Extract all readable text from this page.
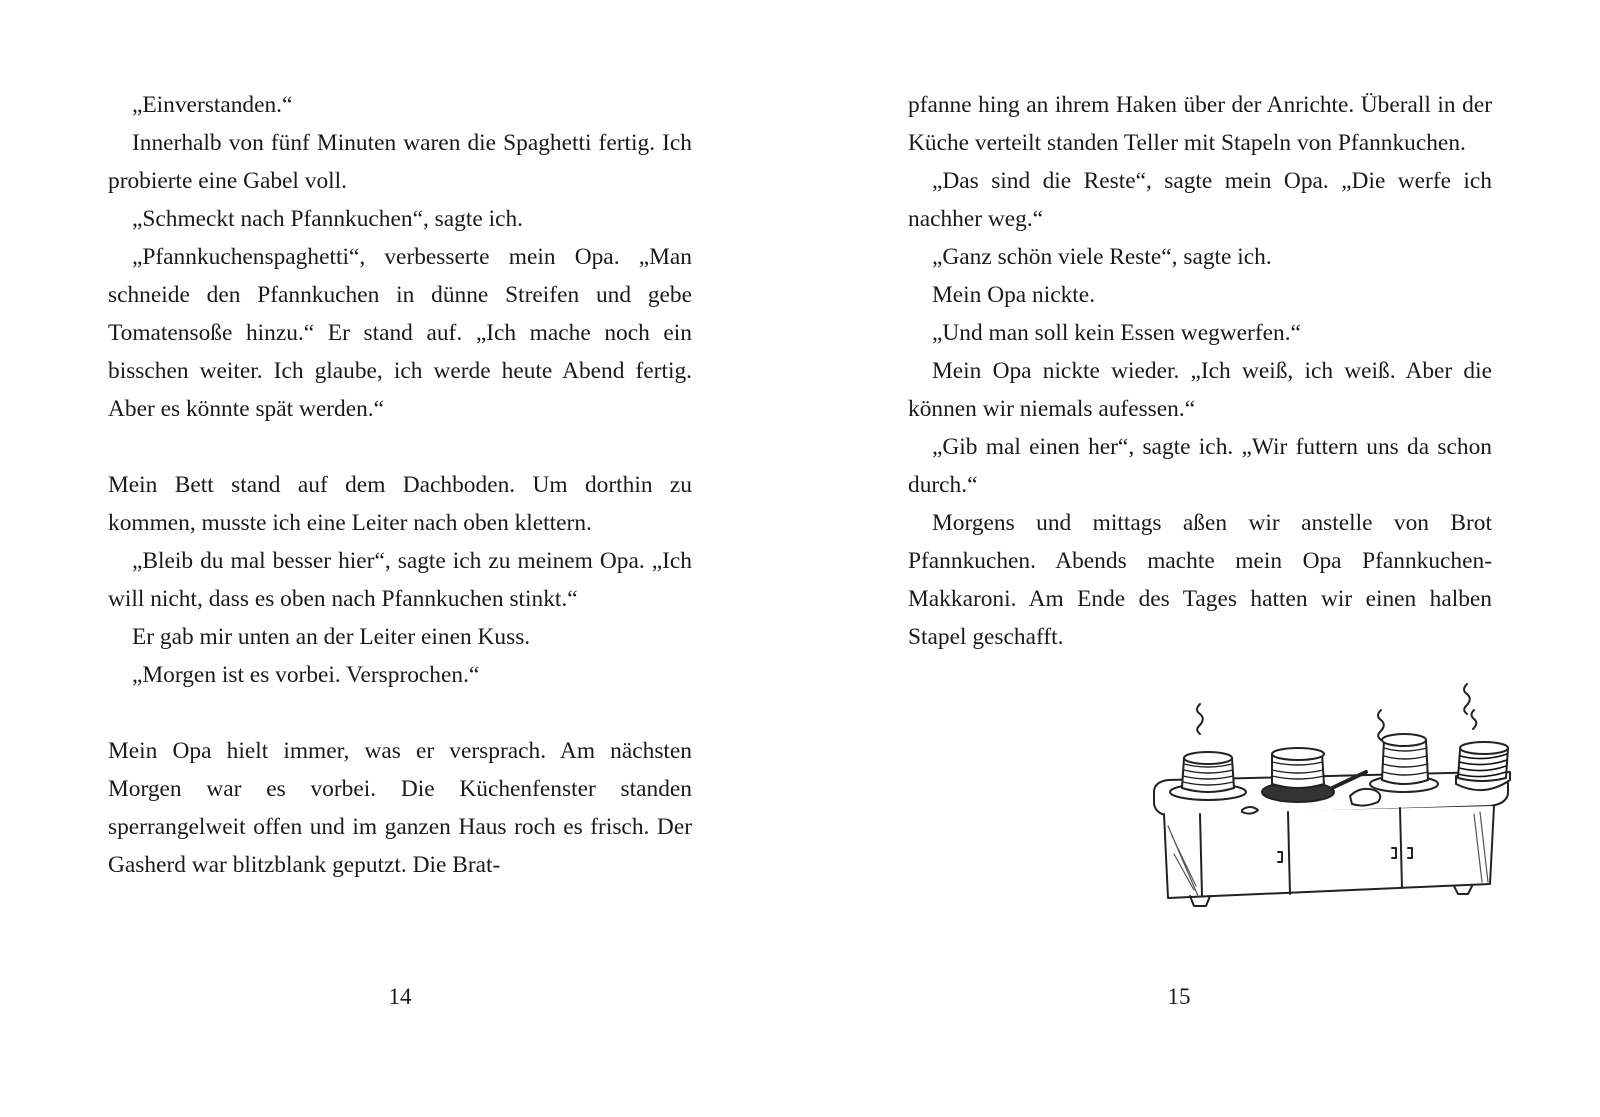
„Einverstanden.“

Innerhalb von fünf Minuten waren die Spaghetti fertig. Ich probierte eine Gabel voll.

„Schmeckt nach Pfannkuchen“, sagte ich.

„Pfannkuchenspaghetti“, verbesserte mein Opa. „Man schneide den Pfannkuchen in dünne Streifen und gebe Tomatensoße hinzu.“ Er stand auf. „Ich mache noch ein bisschen weiter. Ich glaube, ich werde heute Abend fertig. Aber es könnte spät werden.“

Mein Bett stand auf dem Dachboden. Um dorthin zu kommen, musste ich eine Leiter nach oben klettern.

„Bleib du mal besser hier“, sagte ich zu meinem Opa. „Ich will nicht, dass es oben nach Pfannkuchen stinkt.“

Er gab mir unten an der Leiter einen Kuss.

„Morgen ist es vorbei. Versprochen.“

Mein Opa hielt immer, was er versprach. Am nächsten Morgen war es vorbei. Die Küchenfenster standen sperrangelweit offen und im ganzen Haus roch es frisch. Der Gasherd war blitzblank geputzt. Die Brat-

14

pfanne hing an ihrem Haken über der Anrichte. Überall in der Küche verteilt standen Teller mit Stapeln von Pfannkuchen.

„Das sind die Reste“, sagte mein Opa. „Die werfe ich nachher weg.“

„Ganz schön viele Reste“, sagte ich.

Mein Opa nickte.

„Und man soll kein Essen wegwerfen.“

Mein Opa nickte wieder. „Ich weiß, ich weiß. Aber die können wir niemals aufessen.“

„Gib mal einen her“, sagte ich. „Wir futtern uns da schon durch.“

Morgens und mittags aßen wir anstelle von Brot Pfannkuchen. Abends machte mein Opa Pfannkuchen-Makkaroni. Am Ende des Tages hatten wir einen halben Stapel geschafft.

15
